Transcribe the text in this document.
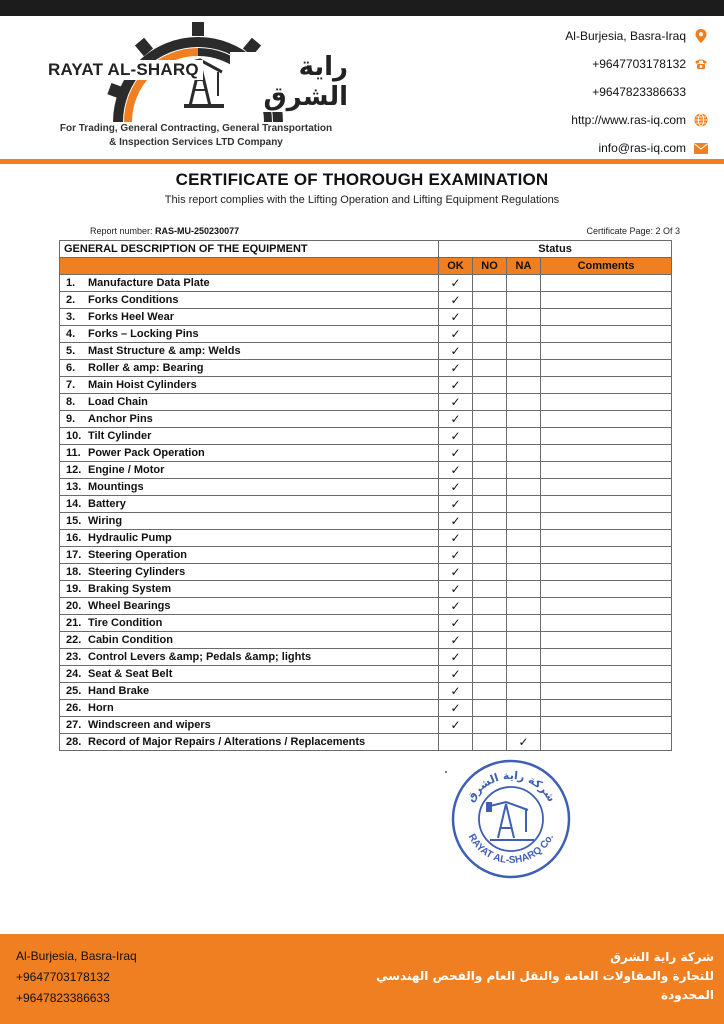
RAYAT AL-SHARQ	راية الشرق
For Trading, General Contracting, General Transportation
& Inspection Services LTD Company
Al-Burjesia, Basra-Iraq
+9647703178132
+9647823386633
http://www.ras-iq.com
info@ras-iq.com
CERTIFICATE OF THOROUGH EXAMINATION
This report complies with the Lifting Operation and Lifting Equipment Regulations
Report number: RAS-MU-250230077	Certificate Page: 2 Of 3
GENERAL DESCRIPTION OF THE EQUIPMENT	Status			
	OK	NO	NA	Comments
1. Manufacture Data Plate	✓			
2. Forks Conditions	✓			
3. Forks Heel Wear	✓			
4. Forks – Locking Pins	✓			
5. Mast Structure & amp: Welds	✓			
6. Roller & amp: Bearing	✓			
7. Main Hoist Cylinders	✓			
8. Load Chain	✓			
9. Anchor Pins	✓			
10. Tilt Cylinder	✓			
11. Power Pack Operation	✓			
12. Engine / Motor	✓			
13. Mountings	✓			
14. Battery	✓			
15. Wiring	✓			
16. Hydraulic Pump	✓			
17. Steering Operation	✓			
18. Steering Cylinders	✓			
19. Braking System	✓			
20. Wheel Bearings	✓			
21. Tire Condition	✓			
22. Cabin Condition	✓			
23. Control Levers &amp; Pedals &amp; lights	✓			
24. Seat & Seat Belt	✓			
25. Hand Brake	✓			
26. Horn	✓			
27. Windscreen and wipers	✓			
28. Record of Major Repairs / Alterations / Replacements			✓	
شركة راية الشرق
RAYAT AL-SHARQ Co.
Al-Burjesia, Basra-Iraq
+9647703178132
+9647823386633
شركة راية الشرق
للتجارة والمقاولات العامة والنقل العام والفحص الهندسي
المحدودة
